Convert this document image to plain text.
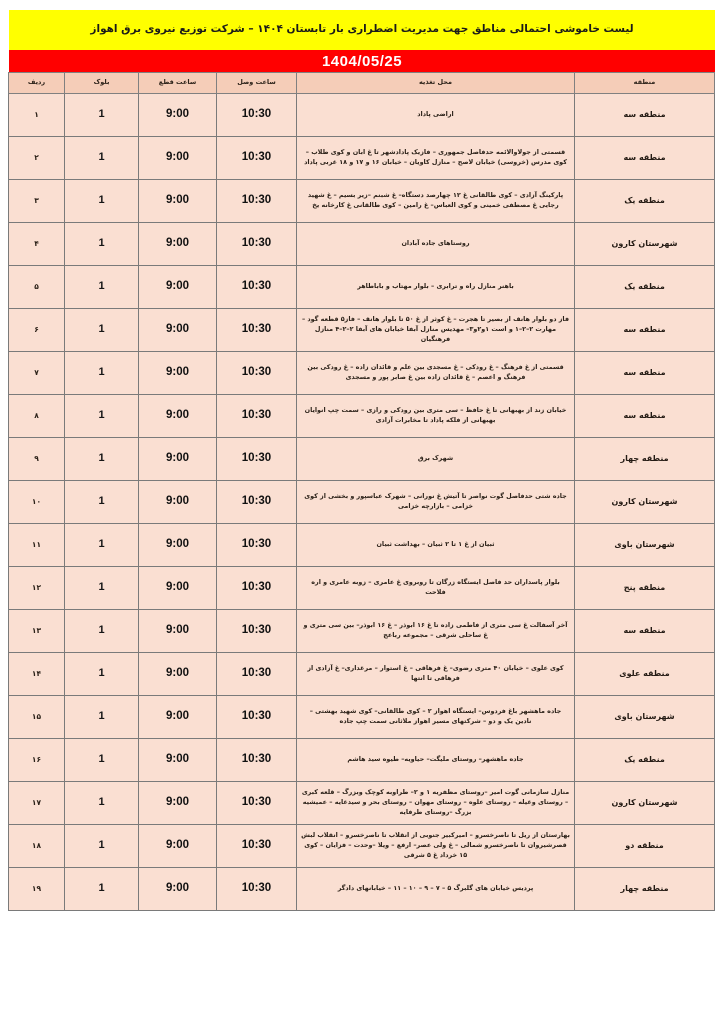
لیست خاموشی احتمالی مناطق جهت مدیریت اضطراری بار تابستان ۱۴۰۴ – شرکت توزیع نیروی برق اهواز
1404/05/25
منطقه	محل تغذیه	ساعت وصل	ساعت قطع	بلوک	ردیف
منطقه سه	اراضی پاداد	10:30	9:00	1	۱
منطقه سه	قسمتی از جولاوالائمه حدفاصل جمهوری – فازیک پادادشهر تا غ ابان و کوی طلاب – کوی مدرس (خروسی) خیابان لاصح – منازل کاویان – خیابان ۱۶ و ۱۷ و ۱۸ غربی پاداد	10:30	9:00	1	۲
منطقه یک	پارکینگ آزادی – کوی طالقانی غ ۱۲ چهارصد دستگاه– غ شبنم –زیر بسیم – غ شهید رجایی غ مصطفی خمینی و کوی العباس– غ رامین – کوی طالقانی غ کارخانه یخ	10:30	9:00	1	۳
شهرستان کارون	روستاهای جاده آبادان	10:30	9:00	1	۴
منطقه یک	باهنر منازل راه و ترابری – بلوار مهتاب و باباطاهر	10:30	9:00	1	۵
منطقه سه	فاز دو بلوار هانف از بصیر تا هجرت – غ کوثر از غ ۵۰ تا بلوار هانف – فاز۵ قطعه گود – مهارت ۲–۲–۱ و است ۱و۲و۳– مهدیس منازل آبفا خیابان های آبفا ۲–۲–۴ منازل فرهنگیان	10:30	9:00	1	۶
منطقه سه	قسمتی از غ فرهنگ – غ رودکی – غ مسجدی بین علم و قائدان زاده – غ رودکی بین فرهنگ و اعصم – غ قائدان زاده بین غ صابر پور و مسجدی	10:30	9:00	1	۷
منطقه سه	خیابان زند از بهبهانی تا غ حافظ – سی متری بین رودکی و رازی – سمت چپ انوایان بهبهانی از فلکه پاداد تا مخابرات آزادی	10:30	9:00	1	۸
منطقه چهار	شهرک برق	10:30	9:00	1	۹
شهرستان کارون	جاده شتی حدفاصل گوت نواصر تا آتیش غ نورانی – شهرک عباسپور و بخشی از کوی خزامی – بازارچه خزامی	10:30	9:00	1	۱۰
شهرستان باوی	ثبیان از غ ۱ تا ۲ ثبیان – بهداشت ثبیان	10:30	9:00	1	۱۱
منطقه پنج	بلوار پاسداران حد فاصل ایستگاه زرگان تا روبروی غ عامری – زوبه عامری و اره فلاحت	10:30	9:00	1	۱۲
منطقه سه	آخر آسفالت غ سی متری از فاطمی زاده تا غ ۱۶ ابوذر – غ ۱۶ ابوذر– بین سی متری و غ ساحلی شرقی – مجموعه رباعج	10:30	9:00	1	۱۳
منطقه علوی	کوی علوی – خیابان ۴۰ متری رضوی– غ فرهاقی – غ استوار – مرغداری– غ آزادی از فرهاقی تا انتها	10:30	9:00	1	۱۴
شهرستان باوی	جاده ماهشهر باغ فردوس– ایستگاه اهواز ۲ – کوی طالقانی– کوی شهید بهشتی – نادین یک و دو – شرکتهای مسیر اهواز ملاثانی سمت چپ جاده	10:30	9:00	1	۱۵
منطقه یک	جاده ماهشهر– روستای ملیگت– حیاویه– طیوه سید هاشم	10:30	9:00	1	۱۶
شهرستان کارون	منازل سازمانی گوت امیر –روستای مظفریه ۱ و ۲– طراوبه کوچک وبزرگ – قلعه کبری – روستای وغیله – روستای علوه – روستای مهوان – روستای بحر و سیدغایه – عمیشیه بزرگ –روستای طرفایه	10:30	9:00	1	۱۷
منطقه دو	بهارستان از ریل تا ناصرخسرو – امیرکبیر جنوبی از انقلاب تا ناصرخسرو – انقلاب لبش قصرشیروان تا ناصرخسرو شمالی – غ ولی عصر– ارفع – ویلا –وحدت – فزایان – کوی ۱۵ خرداد غ ۵ شرقی	10:30	9:00	1	۱۸
منطقه چهار	پردیس خیابان های گلبرگ ۵ – ۷ – ۹ – ۱۰ – ۱۱ – خیابانهای دادگر	10:30	9:00	1	۱۹
